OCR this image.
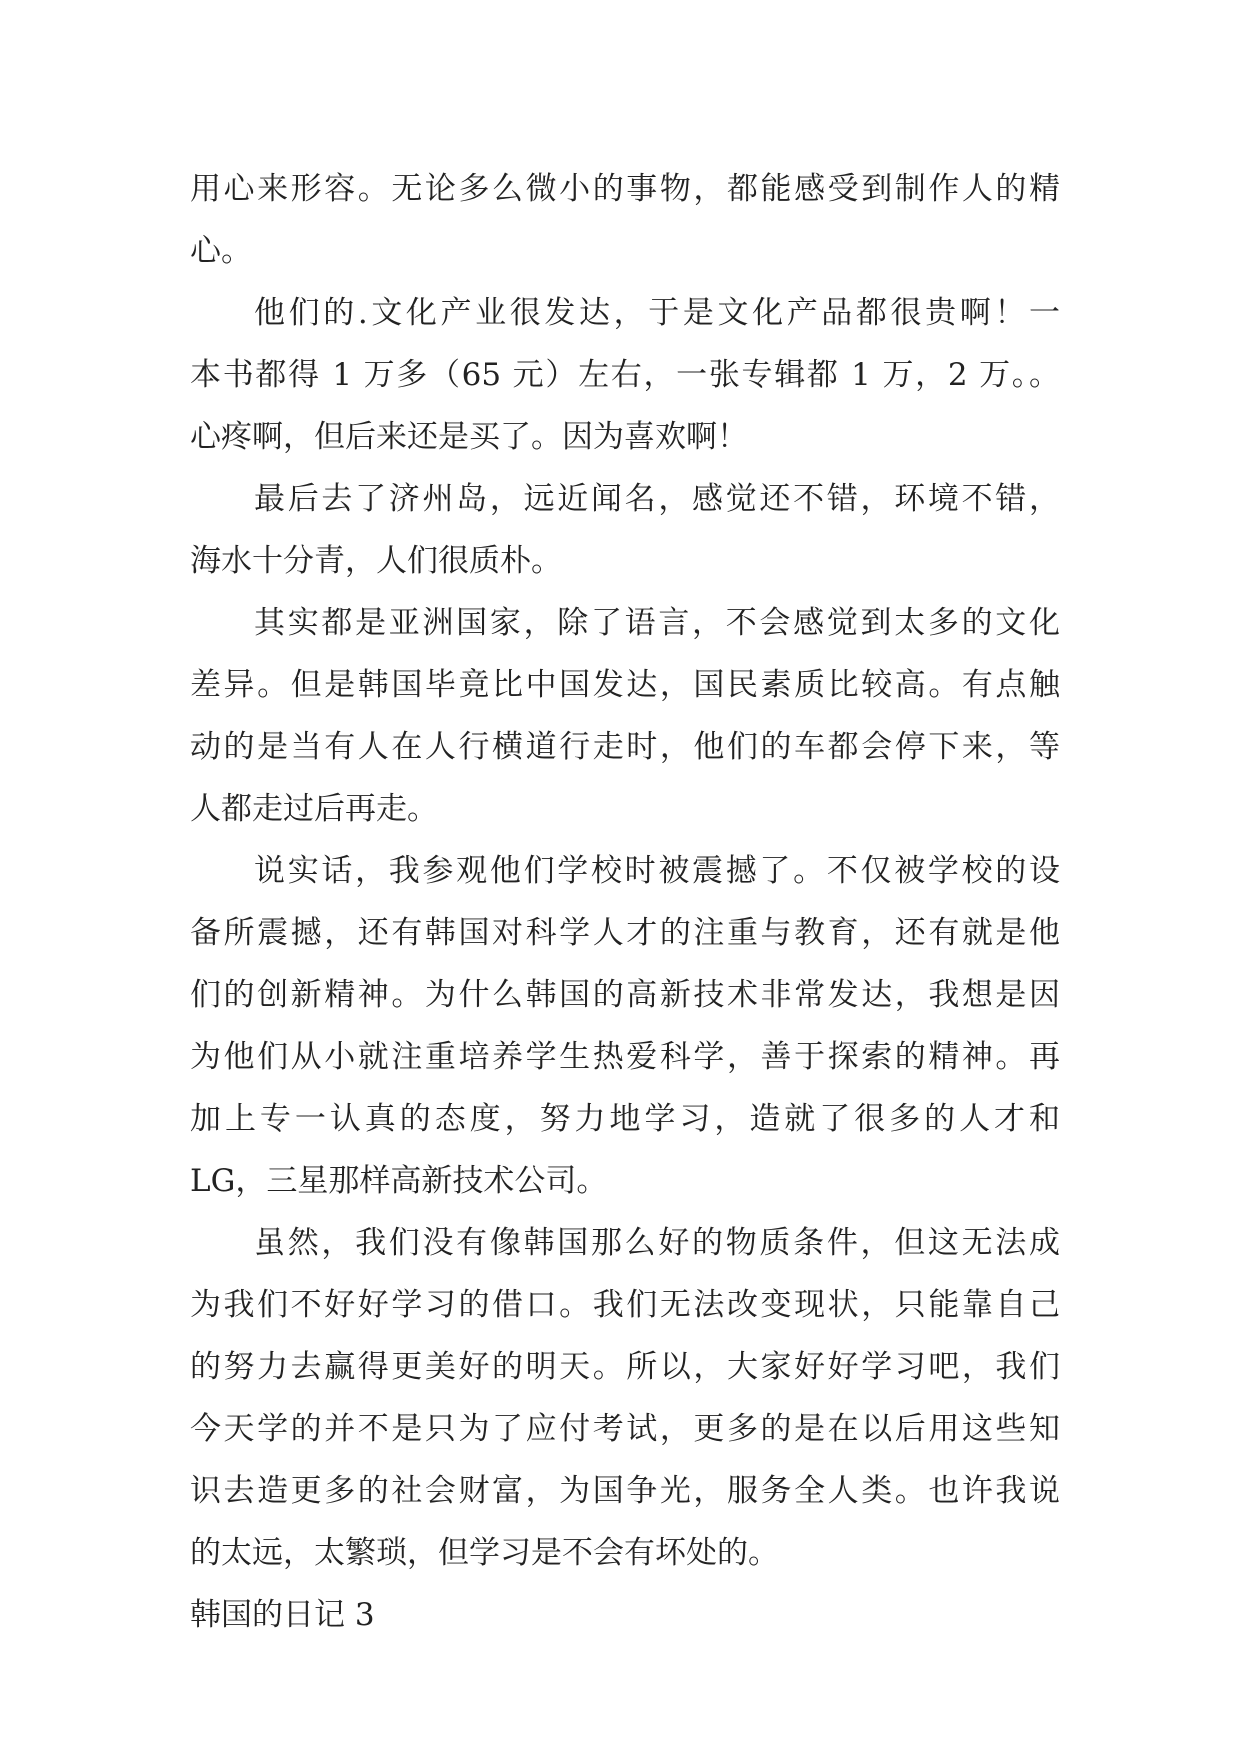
用心来形容。无论多么微小的事物，都能感受到制作人的精
心。
他们的.文化产业很发达，于是文化产品都很贵啊！一
本书都得 1 万多（65 元）左右，一张专辑都 1 万，2 万。。
心疼啊，但后来还是买了。因为喜欢啊！
最后去了济州岛，远近闻名，感觉还不错，环境不错，
海水十分青，人们很质朴。
其实都是亚洲国家，除了语言，不会感觉到太多的文化
差异。但是韩国毕竟比中国发达，国民素质比较高。有点触
动的是当有人在人行横道行走时，他们的车都会停下来，等
人都走过后再走。
说实话，我参观他们学校时被震撼了。不仅被学校的设
备所震撼，还有韩国对科学人才的注重与教育，还有就是他
们的创新精神。为什么韩国的高新技术非常发达，我想是因
为他们从小就注重培养学生热爱科学，善于探索的精神。再
加上专一认真的态度，努力地学习，造就了很多的人才和
LG，三星那样高新技术公司。
虽然，我们没有像韩国那么好的物质条件，但这无法成
为我们不好好学习的借口。我们无法改变现状，只能靠自己
的努力去赢得更美好的明天。所以，大家好好学习吧，我们
今天学的并不是只为了应付考试，更多的是在以后用这些知
识去造更多的社会财富，为国争光，服务全人类。也许我说
的太远，太繁琐，但学习是不会有坏处的。
韩国的日记 3
